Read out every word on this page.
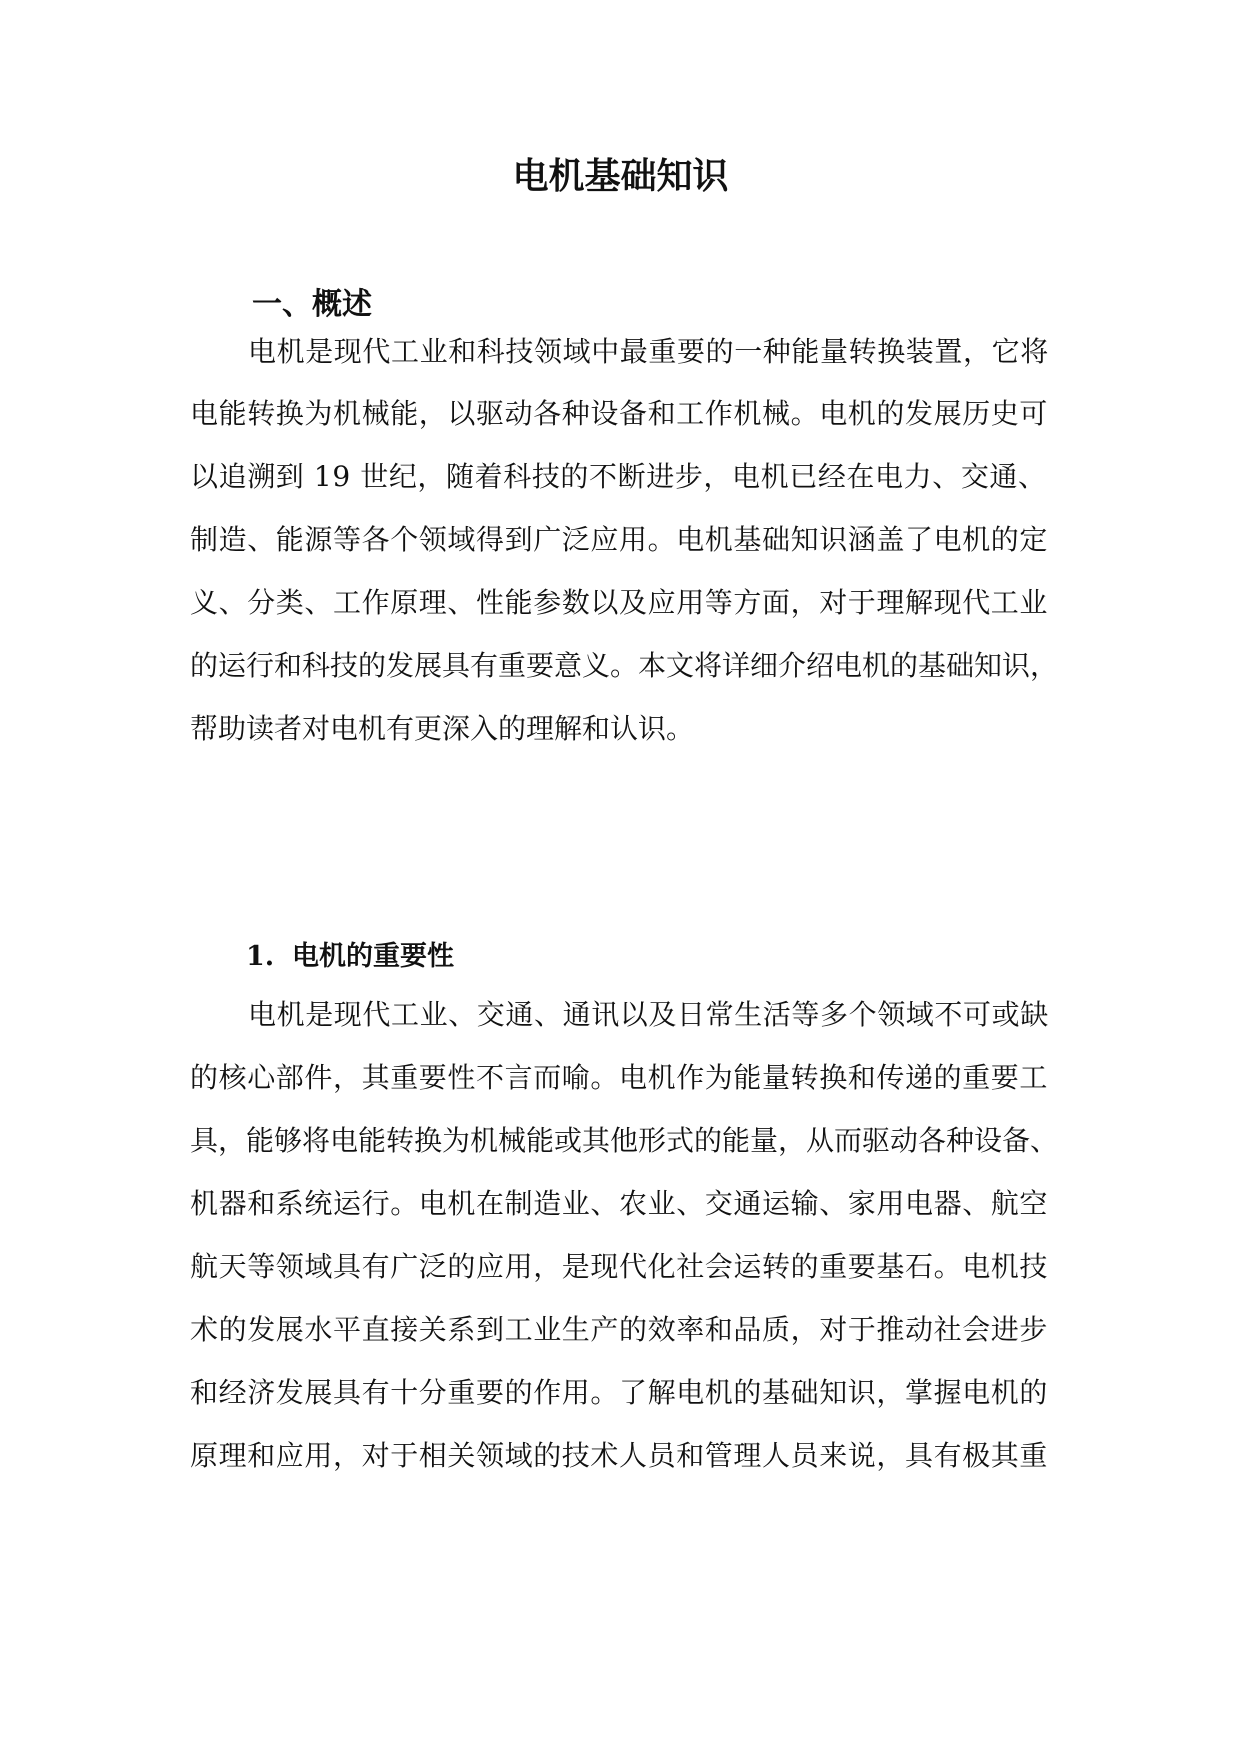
电机基础知识
一、概述

电机是现代工业和科技领域中最重要的一种能量转换装置，它将

电能转换为机械能，以驱动各种设备和工作机械。电机的发展历史可

以追溯到 19 世纪，随着科技的不断进步，电机已经在电力、交通、

制造、能源等各个领域得到广泛应用。电机基础知识涵盖了电机的定

义、分类、工作原理、性能参数以及应用等方面，对于理解现代工业

的运行和科技的发展具有重要意义。本文将详细介绍电机的基础知识，

帮助读者对电机有更深入的理解和认识。

1. 电机的重要性

电机是现代工业、交通、通讯以及日常生活等多个领域不可或缺

的核心部件，其重要性不言而喻。电机作为能量转换和传递的重要工

具，能够将电能转换为机械能或其他形式的能量，从而驱动各种设备、

机器和系统运行。电机在制造业、农业、交通运输、家用电器、航空

航天等领域具有广泛的应用，是现代化社会运转的重要基石。电机技

术的发展水平直接关系到工业生产的效率和品质，对于推动社会进步

和经济发展具有十分重要的作用。了解电机的基础知识，掌握电机的

原理和应用，对于相关领域的技术人员和管理人员来说，具有极其重
